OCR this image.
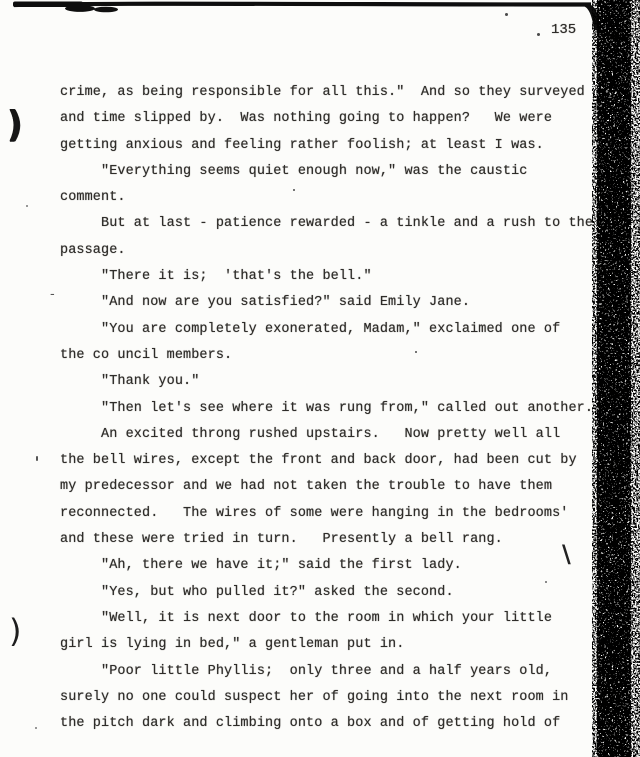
135
crime, as being responsible for all this."  And so they surveyed
and time slipped by.  Was nothing going to happen?   We were
getting anxious and feeling rather foolish; at least I was.
"Everything seems quiet enough now," was the caustic
comment.
But at last - patience rewarded - a tinkle and a rush to the
passage.
"There it is;  'that's the bell."
"And now are you satisfied?" said Emily Jane.
"You are completely exonerated, Madam," exclaimed one of
the co uncil members.
"Thank you."
"Then let's see where it was rung from," called out another.
An excited throng rushed upstairs.   Now pretty well all
the bell wires, except the front and back door, had been cut by
my predecessor and we had not taken the trouble to have them
reconnected.   The wires of some were hanging in the bedrooms'
and these were tried in turn.   Presently a bell rang.
"Ah, there we have it;" said the first lady.
"Yes, but who pulled it?" asked the second.
"Well, it is next door to the room in which your little
girl is lying in bed," a gentleman put in.
"Poor little Phyllis;  only three and a half years old,
surely no one could suspect her of going into the next room in
the pitch dark and climbing onto a box and of getting hold of
)
)
\
-
